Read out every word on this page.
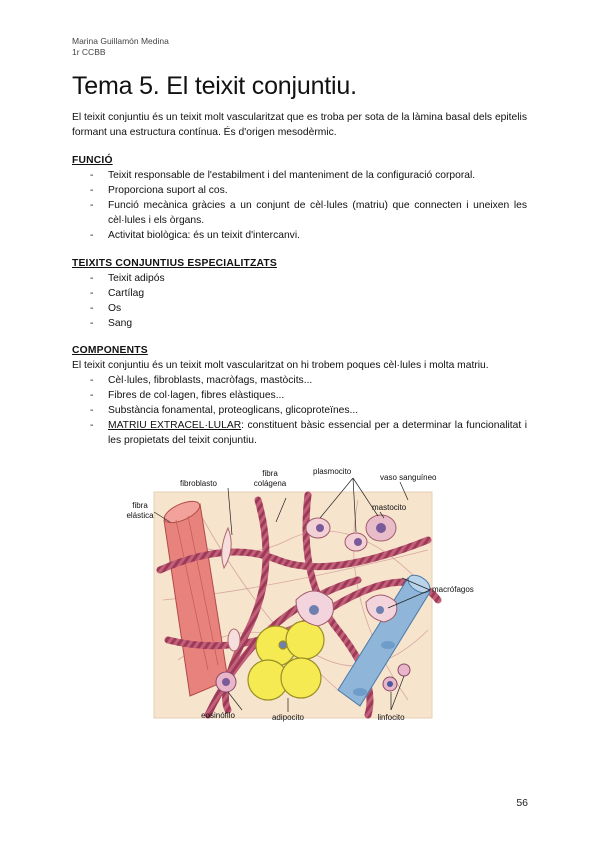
Marina Guillamón Medina
1r CCBB
Tema 5. El teixit conjuntiu.
El teixit conjuntiu és un teixit molt vascularitzat que es troba per sota de la làmina basal dels epitelis formant una estructura contínua. És d'origen mesodèrmic.
FUNCIÓ
- Teixit responsable de l'estabilment i del manteniment de la configuració corporal.
- Proporciona suport al cos.
- Funció mecànica gràcies a un conjunt de cèl·lules (matriu) que connecten i uneixen les cèl·lules i els òrgans.
- Activitat biològica: és un teixit d'intercanvi.
TEIXITS CONJUNTIUS ESPECIALITZATS
- Teixit adipós
- Cartílag
- Os
- Sang
COMPONENTS
El teixit conjuntiu és un teixit molt vascularitzat on hi trobem poques cèl·lules i molta matriu.
- Cèl·lules, fibroblasts, macròfags, mastòcits...
- Fibres de col·lagen, fibres elàstiques...
- Substància fonamental, proteoglicans, glicoproteïnes...
- MATRIU EXTRACEL·LULAR: constituent bàsic essencial per a determinar la funcionalitat i les propietats del teixit conjuntiu.
fibroblasto
fibra
colágena
plasmocito
vaso sanguíneo
fibra
elástica
mastocito
macrófagos
eosinófilo	adipocito	linfocito
56
